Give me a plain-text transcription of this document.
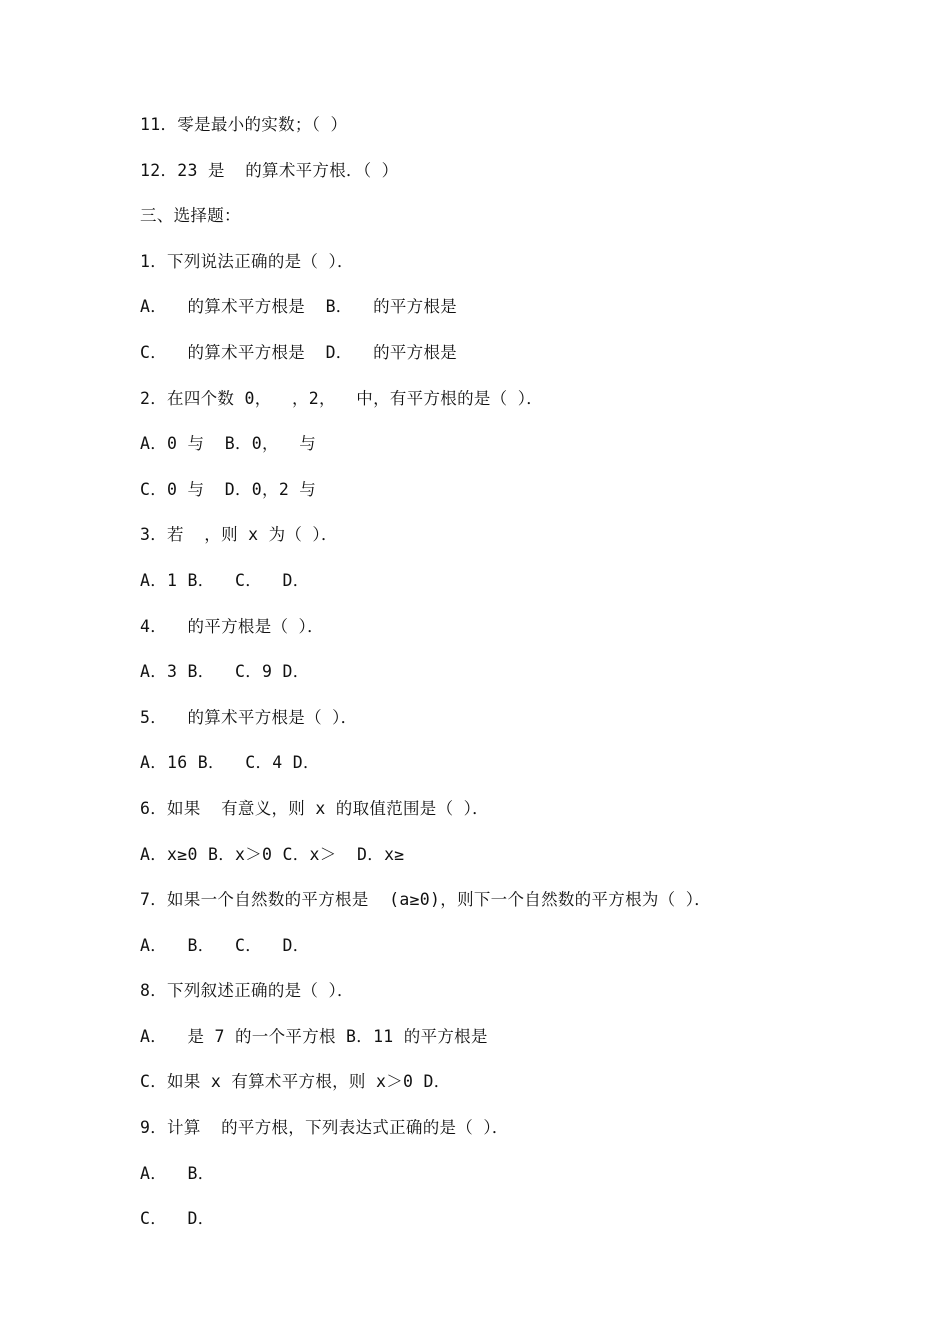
11．零是最小的实数；（ ）
12．23 是  的算术平方根．（ ）
三、选择题：
1．下列说法正确的是（ ）．
A．  的算术平方根是  B．  的平方根是
C．  的算术平方根是  D．  的平方根是
2．在四个数 0，  ，2，  中，有平方根的是（ ）．
A．0 与  B．0，  与
C．0 与  D．0，2 与
3．若  ，则 x 为（ ）．
A．1 B．  C．  D．
4．  的平方根是（ ）．
A．3 B．  C．9 D．
5．  的算术平方根是（ ）．
A．16 B．  C．4 D．
6．如果  有意义，则 x 的取值范围是（ ）．
A．x≥0 B．x＞0 C．x＞  D．x≥
7．如果一个自然数的平方根是  (a≥0)，则下一个自然数的平方根为（ ）．
A．  B．  C．  D．
8．下列叙述正确的是（ ）．
A．  是 7 的一个平方根 B．11 的平方根是
C．如果 x 有算术平方根，则 x＞0 D．
9．计算  的平方根，下列表达式正确的是（ ）．
A．  B．
C．  D．
